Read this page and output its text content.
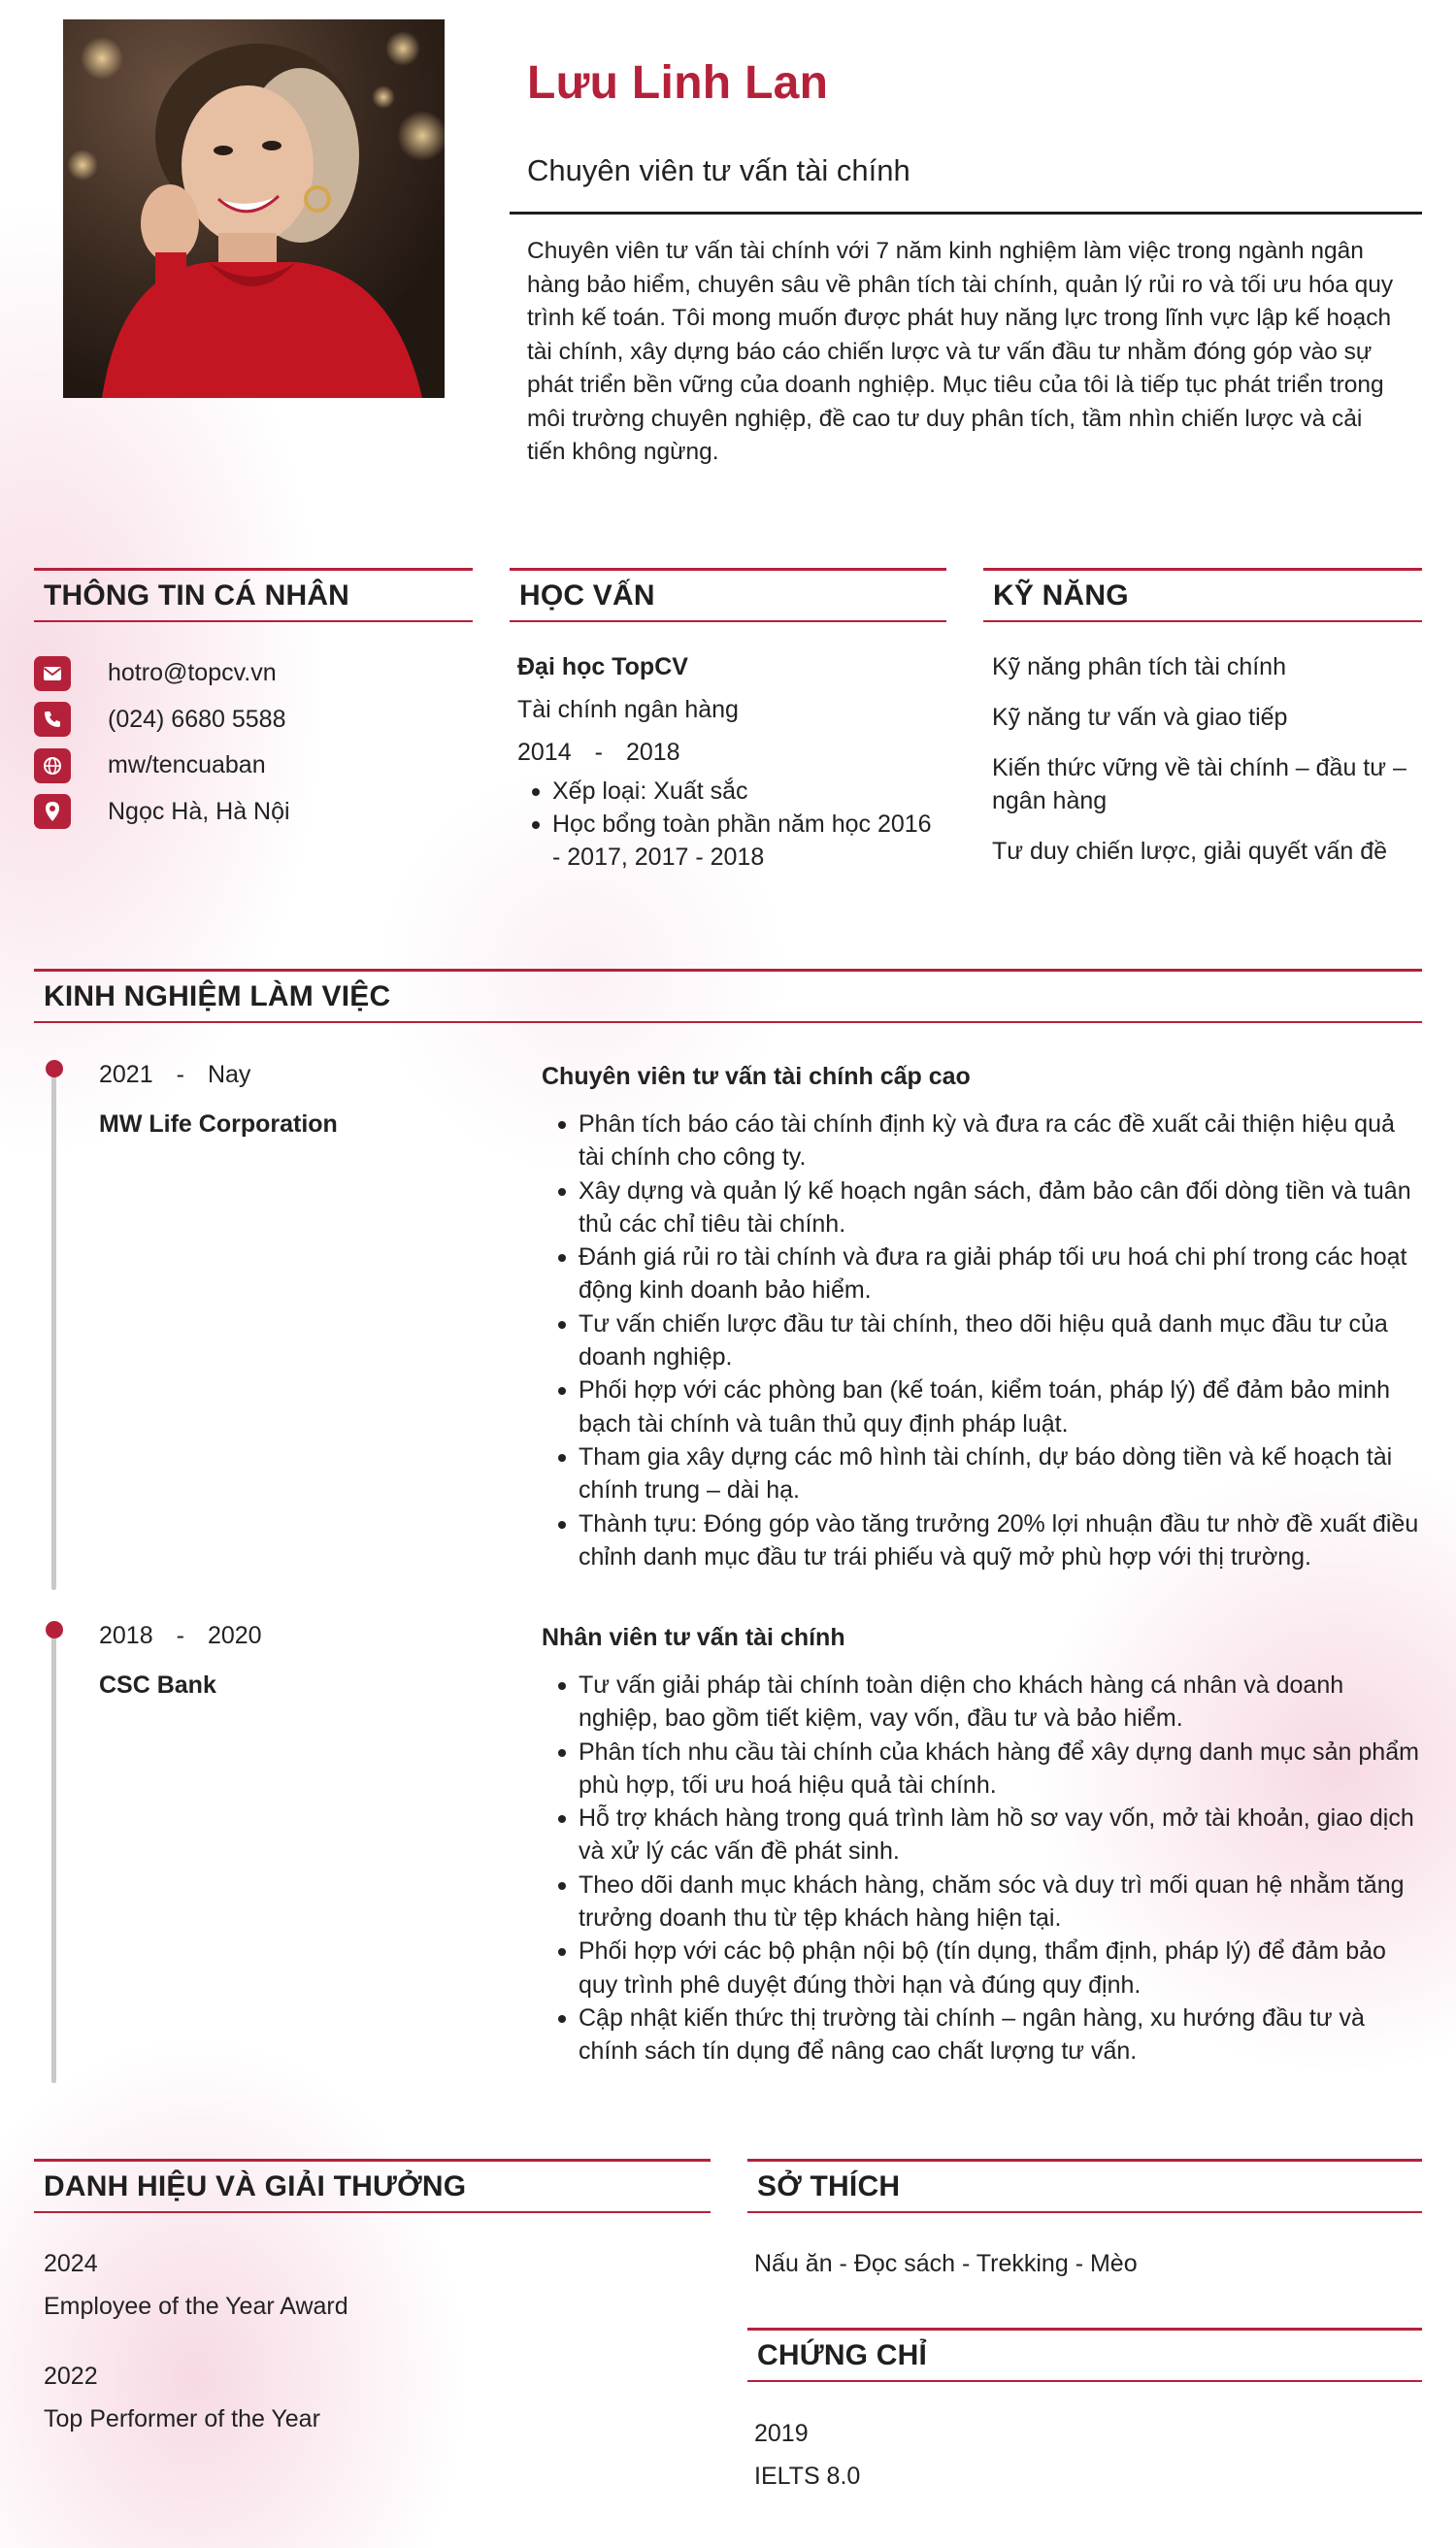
Lưu Linh Lan
Chuyên viên tư vấn tài chính
Chuyên viên tư vấn tài chính với 7 năm kinh nghiệm làm việc trong ngành ngân hàng bảo hiểm, chuyên sâu về phân tích tài chính, quản lý rủi ro và tối ưu hóa quy trình kế toán. Tôi mong muốn được phát huy năng lực trong lĩnh vực lập kế hoạch tài chính, xây dựng báo cáo chiến lược và tư vấn đầu tư nhằm đóng góp vào sự phát triển bền vững của doanh nghiệp. Mục tiêu của tôi là tiếp tục phát triển trong môi trường chuyên nghiệp, đề cao tư duy phân tích, tầm nhìn chiến lược và cải tiến không ngừng.
THÔNG TIN CÁ NHÂN
hotro@topcv.vn
(024) 6680 5588
mw/tencuaban
Ngọc Hà, Hà Nội
HỌC VẤN
Đại học TopCV
Tài chính ngân hàng
2014 - 2018
Xếp loại: Xuất sắc
Học bổng toàn phần năm học 2016 - 2017, 2017 - 2018
KỸ NĂNG
Kỹ năng phân tích tài chính
Kỹ năng tư vấn và giao tiếp
Kiến thức vững về tài chính – đầu tư – ngân hàng
Tư duy chiến lược, giải quyết vấn đề
KINH NGHIỆM LÀM VIỆC
2021 - Nay
MW Life Corporation
Chuyên viên tư vấn tài chính cấp cao
Phân tích báo cáo tài chính định kỳ và đưa ra các đề xuất cải thiện hiệu quả tài chính cho công ty.
Xây dựng và quản lý kế hoạch ngân sách, đảm bảo cân đối dòng tiền và tuân thủ các chỉ tiêu tài chính.
Đánh giá rủi ro tài chính và đưa ra giải pháp tối ưu hoá chi phí trong các hoạt động kinh doanh bảo hiểm.
Tư vấn chiến lược đầu tư tài chính, theo dõi hiệu quả danh mục đầu tư của doanh nghiệp.
Phối hợp với các phòng ban (kế toán, kiểm toán, pháp lý) để đảm bảo minh bạch tài chính và tuân thủ quy định pháp luật.
Tham gia xây dựng các mô hình tài chính, dự báo dòng tiền và kế hoạch tài chính trung – dài hạ.
Thành tựu: Đóng góp vào tăng trưởng 20% lợi nhuận đầu tư nhờ đề xuất điều chỉnh danh mục đầu tư trái phiếu và quỹ mở phù hợp với thị trường.
2018 - 2020
CSC Bank
Nhân viên tư vấn tài chính
Tư vấn giải pháp tài chính toàn diện cho khách hàng cá nhân và doanh nghiệp, bao gồm tiết kiệm, vay vốn, đầu tư và bảo hiểm.
Phân tích nhu cầu tài chính của khách hàng để xây dựng danh mục sản phẩm phù hợp, tối ưu hoá hiệu quả tài chính.
Hỗ trợ khách hàng trong quá trình làm hồ sơ vay vốn, mở tài khoản, giao dịch và xử lý các vấn đề phát sinh.
Theo dõi danh mục khách hàng, chăm sóc và duy trì mối quan hệ nhằm tăng trưởng doanh thu từ tệp khách hàng hiện tại.
Phối hợp với các bộ phận nội bộ (tín dụng, thẩm định, pháp lý) để đảm bảo quy trình phê duyệt đúng thời hạn và đúng quy định.
Cập nhật kiến thức thị trường tài chính – ngân hàng, xu hướng đầu tư và chính sách tín dụng để nâng cao chất lượng tư vấn.
DANH HIỆU VÀ GIẢI THƯỞNG
2024
Employee of the Year Award
2022
Top Performer of the Year
SỞ THÍCH
Nấu ăn - Đọc sách - Trekking - Mèo
CHỨNG CHỈ
2019
IELTS 8.0
